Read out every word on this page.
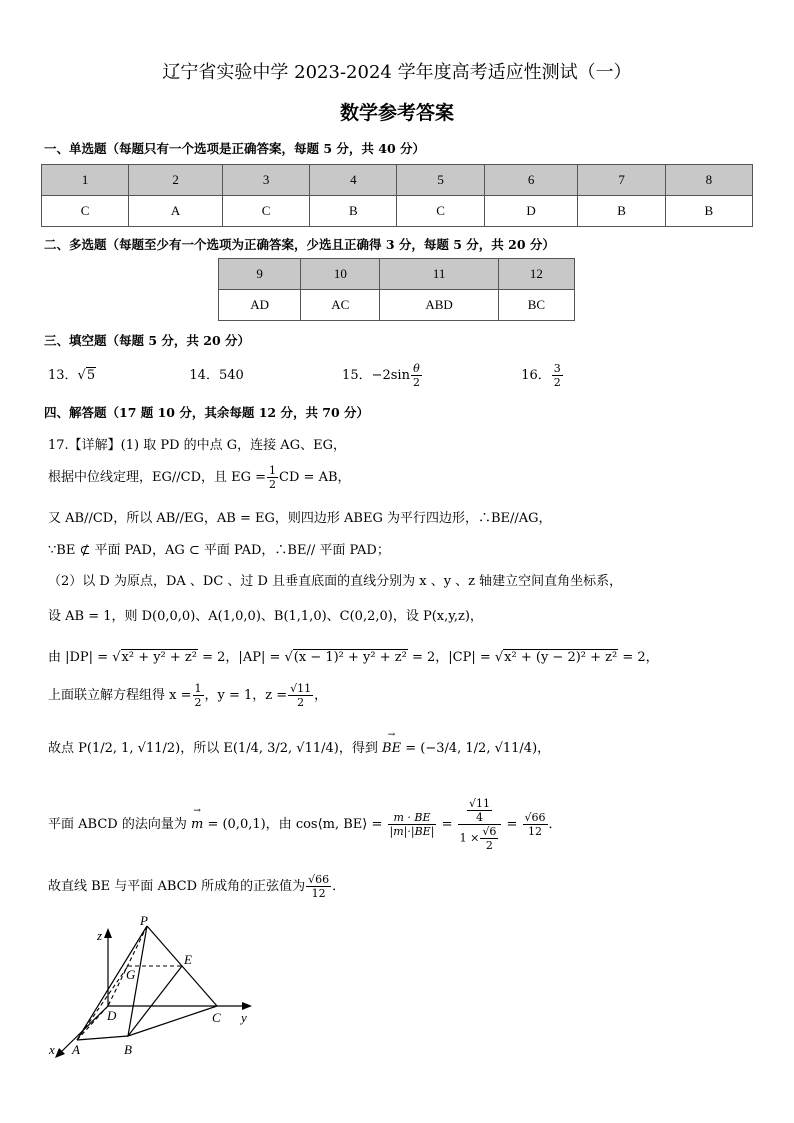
辽宁省实验中学 2023-2024 学年度高考适应性测试（一）
数学参考答案
一、单选题（每题只有一个选项是正确答案，每题 5 分，共 40 分）
1	2	3	4	5	6	7	8
C	A	C	B	C	D	B	B
二、多选题（每题至少有一个选项为正确答案，少选且正确得 3 分，每题 5 分，共 20 分）
9	10	11	12
AD	AC	ABD	BC
三、填空题（每题 5 分，共 20 分）
13．√5	14．540	15．$-2\sin \frac{\theta}{2}$	16． $\frac{3}{2}$
四、解答题（17 题 10 分，其余每题 12 分，共 70 分）
17.【详解】(1) 取 PD 的中点 G，连接 AG、EG，
根据中位线定理，EG//CD，且 EG = $\frac{1}{2}$ CD = AB，
又 AB//CD，所以 AB//EG，AB = EG，则四边形 ABEG 为平行四边形，∴BE//AG，
∵BE ⊄ 平面 PAD，AG ⊂ 平面 PAD，∴BE// 平面 PAD；
（2）以 D 为原点，DA 、DC 、过 D 且垂直底面的直线分别为 x 、y 、z 轴建立空间直角坐标系，
设 AB = 1，则 D(0,0,0)、A(1,0,0)、B(1,1,0)、C(0,2,0)，设 P(x,y,z)，
由 |DP| = √x² + y² + z² = 2，|AP| = √(x − 1)² + y² + z² = 2，|CP| = √x² + (y − 2)² + z² = 2，
上面联立解方程组得 $x = \frac{1}{2}$ ，y = 1，$z = \frac{√11}{2}$ ，
故点 P(1/2, 1, √11/2)，所以 E(1/4, 3/2, √11/4)，得到 → BE = (−3/4, 1/2, √11/4)，
平面 ABCD 的法向量为 → m = (0,0,1)，由 cos⟨m, BE⟩ = $\frac{m \cdot BE}{|m|\cdot|BE|} = \frac{\frac{√11}{4}}{1 \times \frac{√6}{2}} = \frac{√66}{12}$ ．
故直线 BE 与平面 ABCD 所成角的正弦值为 $\frac{√66}{12}$ ．
P
E
G
D	C
A	B
x
y
z
